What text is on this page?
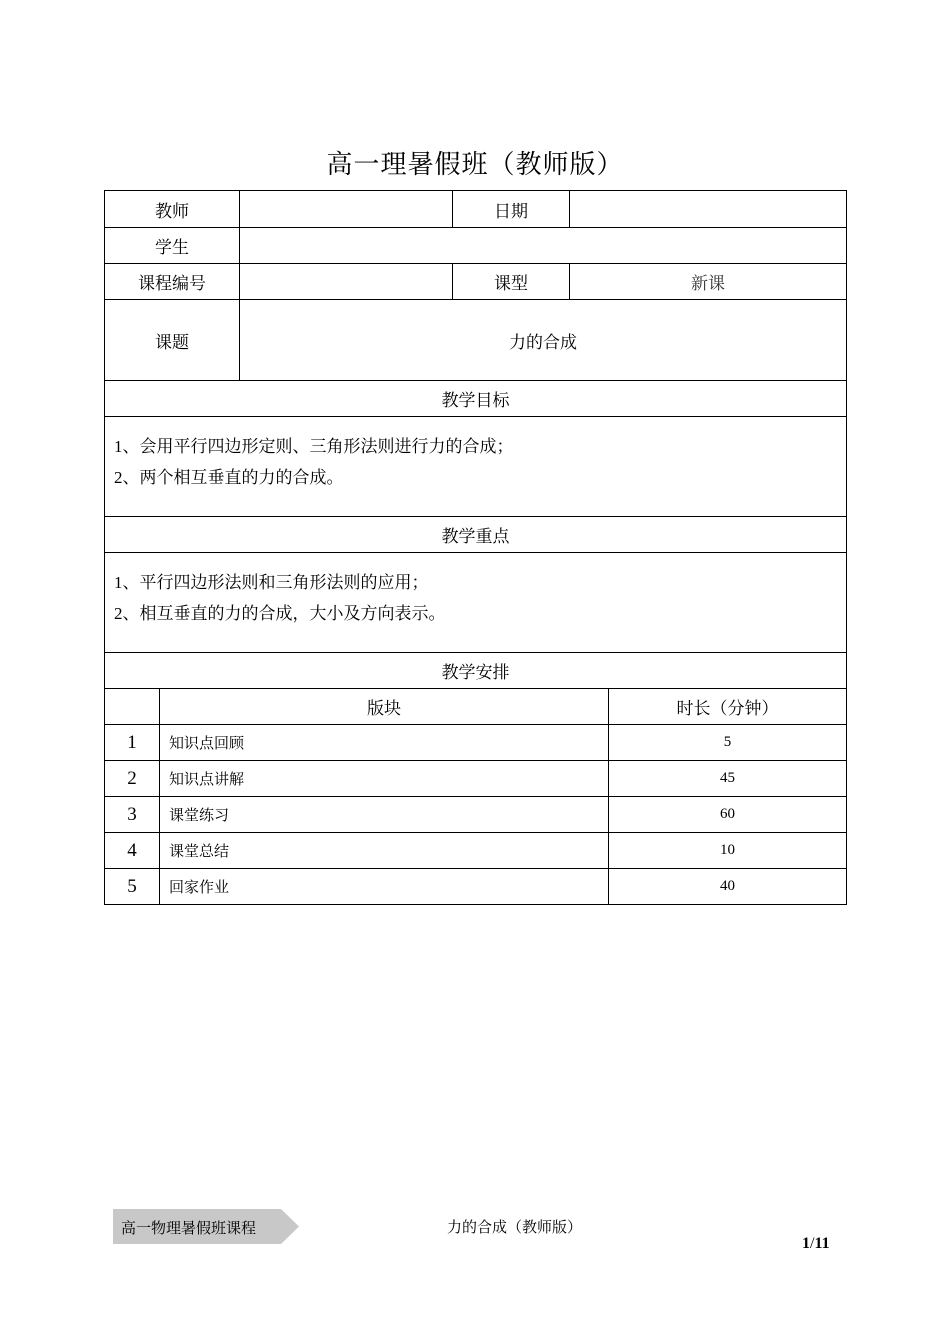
高一理暑假班（教师版）
教师		日期	
学生			
课程编号		课型	新课
课题	力的合成		
教学目标			

1、会用平行四边形定则、三角形法则进行力的合成；
2、两个相互垂直的力的合成。			

教学重点			

1、平行四边形法则和三角形法则的应用；
2、相互垂直的力的合成，大小及方向表示。			

教学安排			
	版块	时长（分钟）
1	知识点回顾	5
2	知识点讲解	45
3	课堂练习	60
4	课堂总结	10
5	回家作业	40
高一物理暑假班课程	力的合成（教师版）
1/11
